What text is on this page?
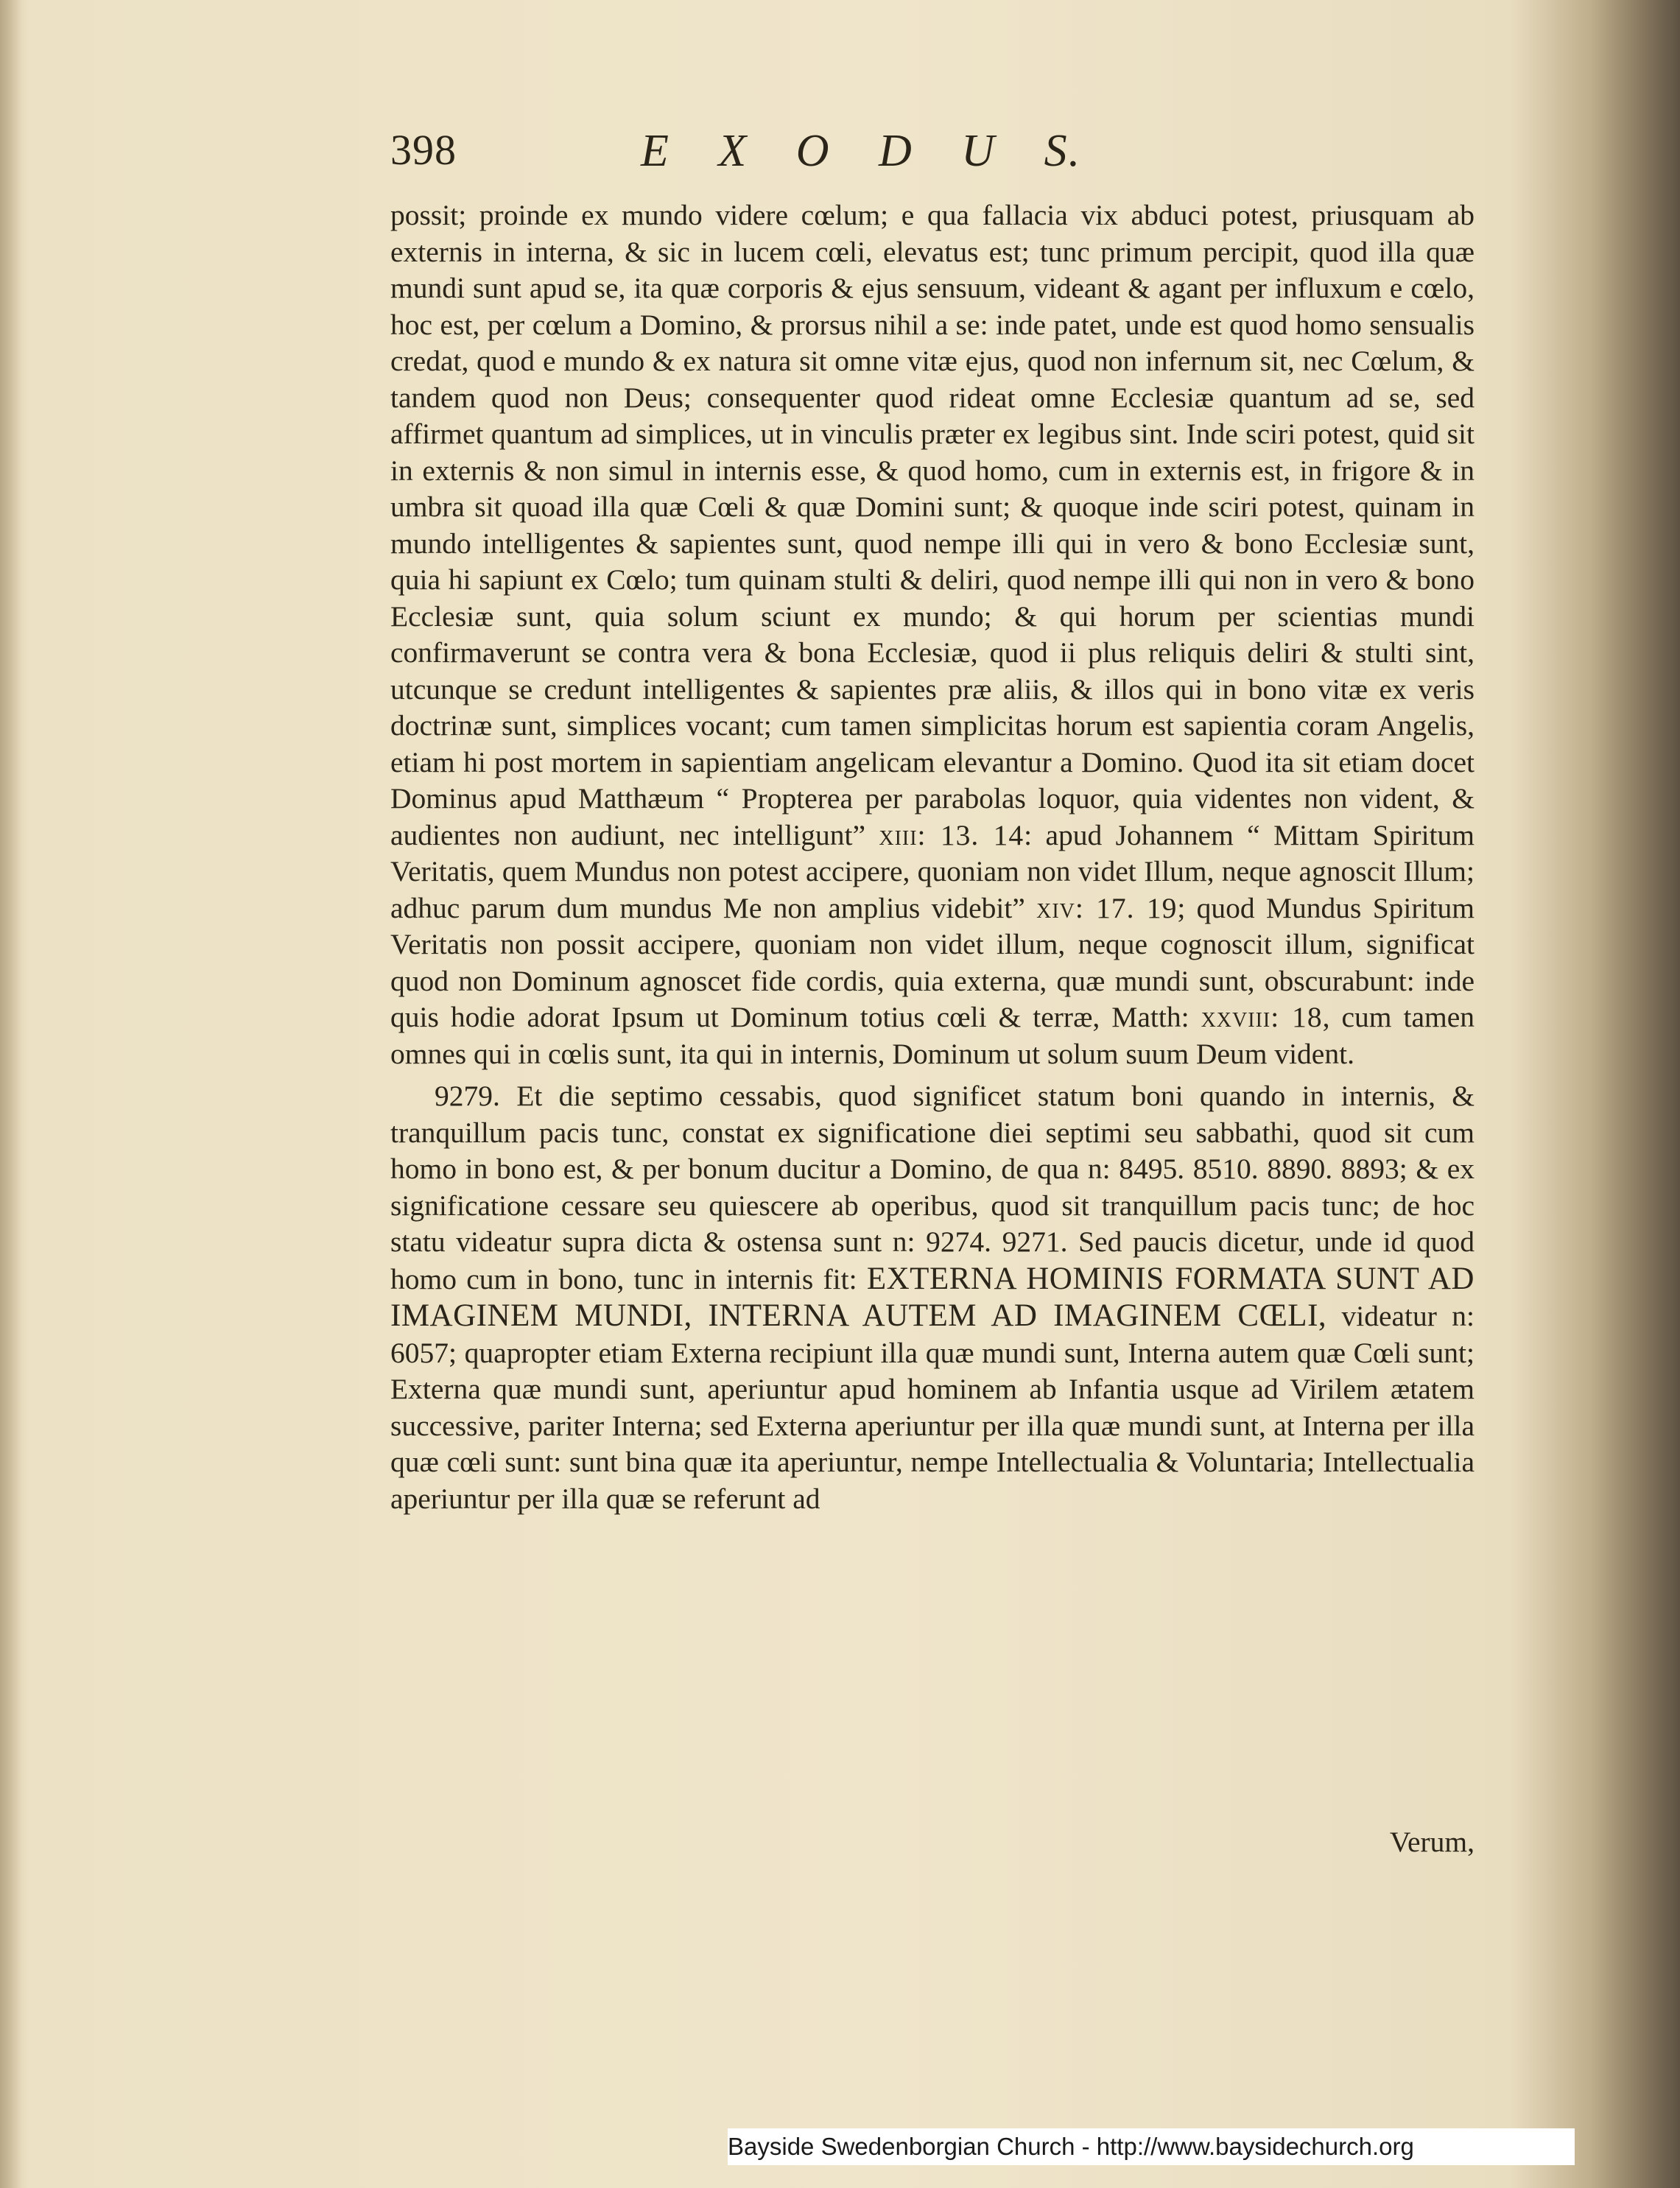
398	E X O D U S.

possit; proinde ex mundo videre cœlum; e qua fallacia vix abduci potest, priusquam ab externis in interna, & sic in lucem cœli, elevatus est; tunc primum percipit, quod illa quæ mundi sunt apud se, ita quæ corporis & ejus sensuum, videant & agant per influxum e cœlo, hoc est, per cœlum a Domino, & prorsus nihil a se: inde patet, unde est quod homo sensualis credat, quod e mundo & ex natura sit omne vitæ ejus, quod non infernum sit, nec Cœlum, & tandem quod non Deus; consequenter quod rideat omne Ecclesiæ quantum ad se, sed affirmet quantum ad simplices, ut in vinculis præter ex legibus sint. Inde sciri potest, quid sit in externis & non simul in internis esse, & quod homo, cum in externis est, in frigore & in umbra sit quoad illa quæ Cœli & quæ Domini sunt; & quoque inde sciri potest, quinam in mundo intelligentes & sapientes sunt, quod nempe illi qui in vero & bono Ecclesiæ sunt, quia hi sapiunt ex Cœlo; tum quinam stulti & deliri, quod nempe illi qui non in vero & bono Ecclesiæ sunt, quia solum sciunt ex mundo; & qui horum per scientias mundi confirmaverunt se contra vera & bona Ecclesiæ, quod ii plus reliquis deliri & stulti sint, utcunque se credunt intelligentes & sapientes præ aliis, & illos qui in bono vitæ ex veris doctrinæ sunt, simplices vocant; cum tamen simplicitas horum est sapientia coram Angelis, etiam hi post mortem in sapientiam angelicam elevantur a Domino. Quod ita sit etiam docet Dominus apud Matthæum “ Propterea per parabolas loquor, quia videntes non vident, & audientes non audiunt, nec intelligunt” xiii: 13. 14: apud Johannem “ Mittam Spiritum Veritatis, quem Mundus non potest accipere, quoniam non videt Illum, neque agnoscit Illum; adhuc parum dum mundus Me non amplius videbit” xiv: 17. 19; quod Mundus Spiritum Veritatis non possit accipere, quoniam non videt illum, neque cognoscit illum, significat quod non Dominum agnoscet fide cordis, quia externa, quæ mundi sunt, obscurabunt: inde quis hodie adorat Ipsum ut Dominum totius cœli & terræ, Matth: xxviii: 18, cum tamen omnes qui in cœlis sunt, ita qui in internis, Dominum ut solum suum Deum vident.

9279. Et die septimo cessabis, quod significet statum boni quando in internis, & tranquillum pacis tunc, constat ex significatione diei septimi seu sabbathi, quod sit cum homo in bono est, & per bonum ducitur a Domino, de qua n: 8495. 8510. 8890. 8893; & ex significatione cessare seu quiescere ab operibus, quod sit tranquillum pacis tunc; de hoc statu videatur supra dicta & ostensa sunt n: 9274. 9271. Sed paucis dicetur, unde id quod homo cum in bono, tunc in internis fit: EXTERNA HOMINIS FORMATA SUNT AD IMAGINEM MUNDI, INTERNA AUTEM AD IMAGINEM CŒLI, videatur n: 6057; quapropter etiam Externa recipiunt illa quæ mundi sunt, Interna autem quæ Cœli sunt; Externa quæ mundi sunt, aperiuntur apud hominem ab Infantia usque ad Virilem ætatem successive, pariter Interna; sed Externa aperiuntur per illa quæ mundi sunt, at Interna per illa quæ cœli sunt: sunt bina quæ ita aperiuntur, nempe Intellectualia & Voluntaria; Intellectualia aperiuntur per illa quæ se referunt ad

Verum,
Bayside Swedenborgian Church - http://www.baysidechurch.org
